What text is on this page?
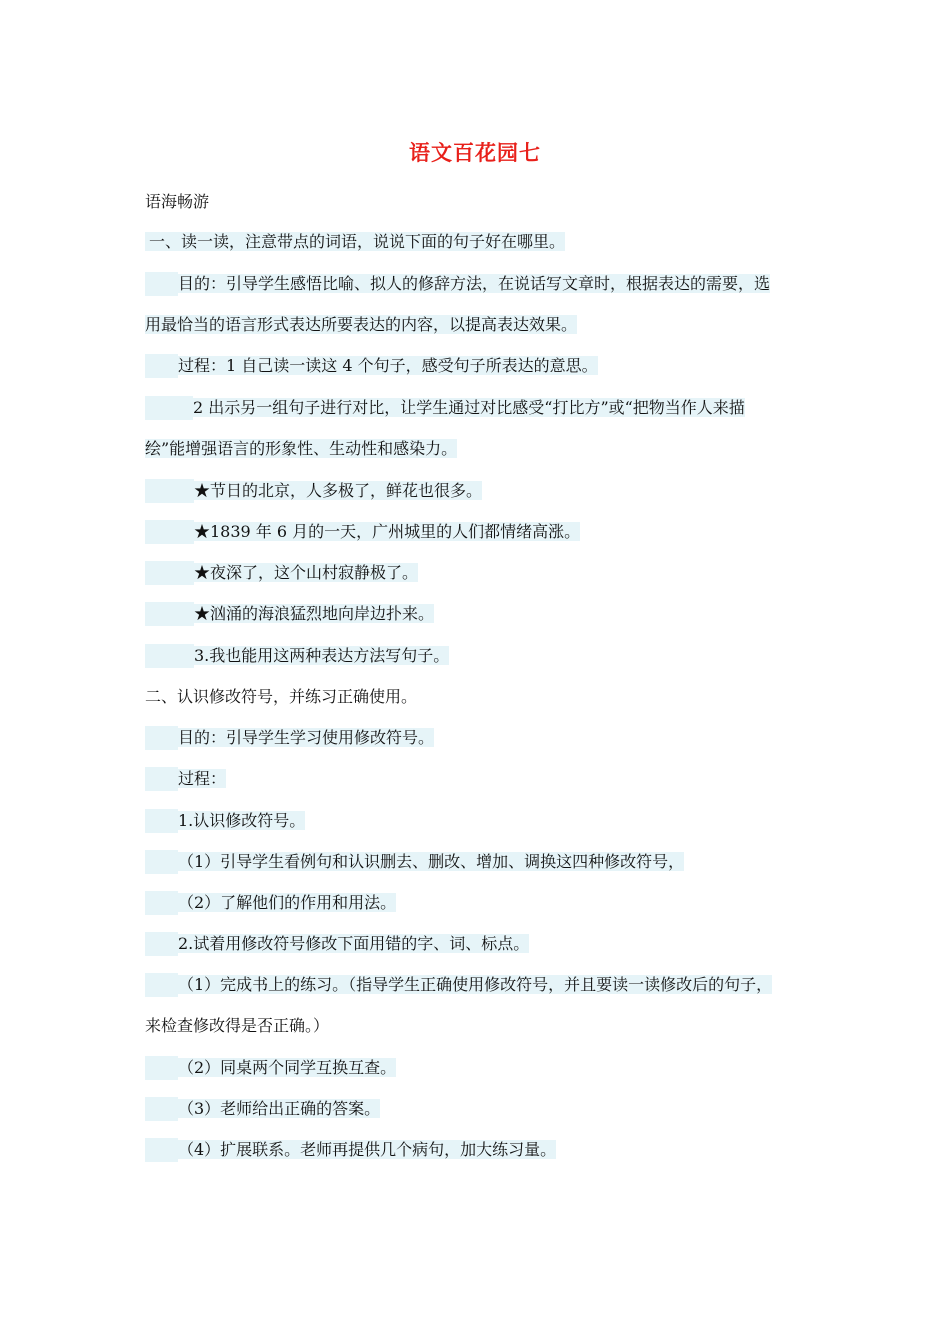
语文百花园七
语海畅游
一、读一读，注意带点的词语，说说下面的句子好在哪里。
目的：引导学生感悟比喻、拟人的修辞方法，在说话写文章时，根据表达的需要，选
用最恰当的语言形式表达所要表达的内容，以提高表达效果。
过程：1 自己读一读这 4 个句子，感受句子所表达的意思。
2 出示另一组句子进行对比，让学生通过对比感受“打比方”或“把物当作人来描
绘”能增强语言的形象性、生动性和感染力。
★节日的北京，人多极了，鲜花也很多。
★1839 年 6 月的一天，广州城里的人们都情绪高涨。
★夜深了，这个山村寂静极了。
★汹涌的海浪猛烈地向岸边扑来。
3.我也能用这两种表达方法写句子。
二、认识修改符号，并练习正确使用。
目的：引导学生学习使用修改符号。
过程：
1.认识修改符号。
（1）引导学生看例句和认识删去、删改、增加、调换这四种修改符号，
（2）了解他们的作用和用法。
2.试着用修改符号修改下面用错的字、词、标点。
（1）完成书上的练习。（指导学生正确使用修改符号，并且要读一读修改后的句子，
来检查修改得是否正确。）
（2）同桌两个同学互换互查。
（3）老师给出正确的答案。
（4）扩展联系。老师再提供几个病句，加大练习量。
